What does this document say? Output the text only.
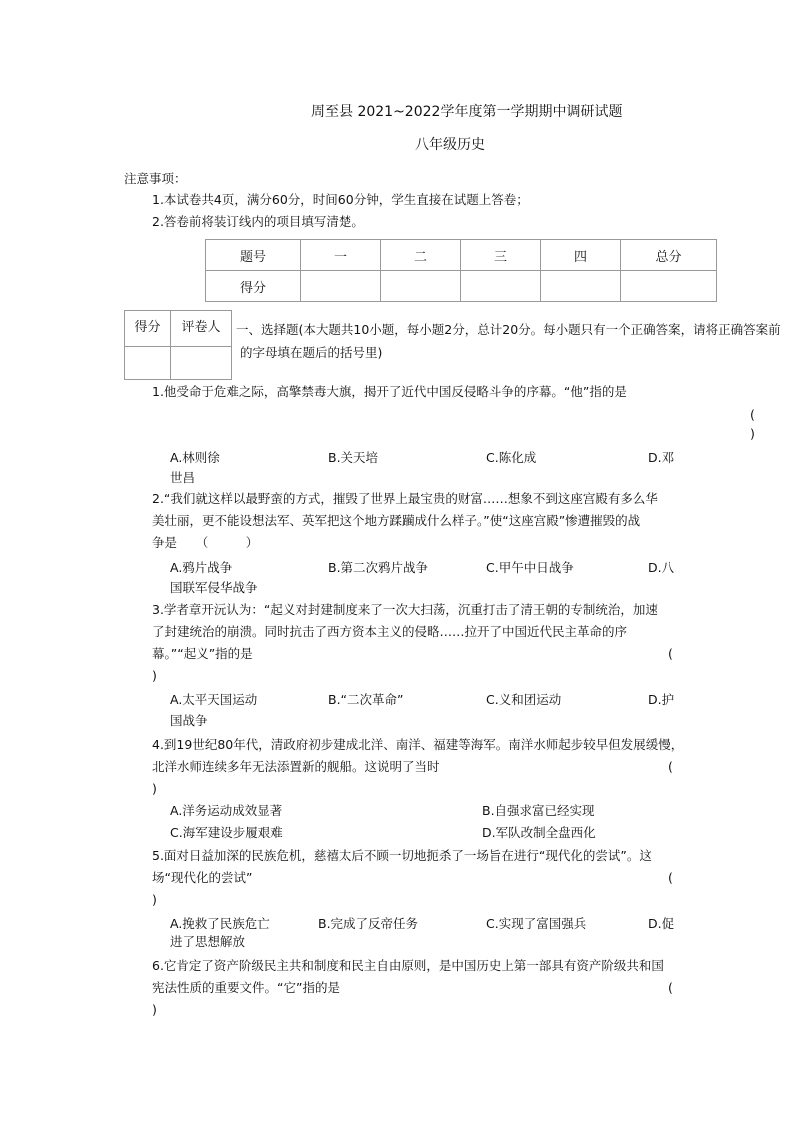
周至县 2021~2022学年度第一学期期中调研试题
八年级历史
注意事项：
1.本试卷共4页，满分60分，时间60分钟，学生直接在试题上答卷；
2.答卷前将装订线内的项目填写清楚。
题号	一	二	三	四	总分
得分					
得分	评卷人
	一、选择题(本大题共10小题，每小题2分，总计20分。每小题只有一个正确答案，请将正确答案前
的字母填在题后的括号里)
1.他受命于危难之际，高擎禁毒大旗，揭开了近代中国反侵略斗争的序幕。“他”指的是
(
)
A.林则徐	B.关天培	C.陈化成	D.邓
世昌
2.“我们就这样以最野蛮的方式，摧毁了世界上最宝贵的财富……想象不到这座宫殿有多么华
美壮丽，更不能设想法军、英军把这个地方蹂躏成什么样子。”使“这座宫殿”惨遭摧毁的战
争是　　（　　　）
A.鸦片战争	B.第二次鸦片战争	C.甲午中日战争	D.八
国联军侵华战争
3.学者章开沅认为：“起义对封建制度来了一次大扫荡，沉重打击了清王朝的专制统治，加速
了封建统治的崩溃。同时抗击了西方资本主义的侵略……拉开了中国近代民主革命的序
幕。”“起义”指的是	(
)
A.太平天国运动	B.“二次革命”	C.义和团运动	D.护
国战争
4.到19世纪80年代，清政府初步建成北洋、南洋、福建等海军。南洋水师起步较早但发展缓慢，
北洋水师连续多年无法添置新的舰船。这说明了当时	(
)
A.洋务运动成效显著	B.自强求富已经实现
C.海军建设步履艰难	D.军队改制全盘西化
5.面对日益加深的民族危机，慈禧太后不顾一切地扼杀了一场旨在进行“现代化的尝试”。这
场“现代化的尝试”	(
)
A.挽救了民族危亡	B.完成了反帝任务	C.实现了富国强兵	D.促
进了思想解放
6.它肯定了资产阶级民主共和制度和民主自由原则，是中国历史上第一部具有资产阶级共和国
宪法性质的重要文件。“它”指的是	(
)
